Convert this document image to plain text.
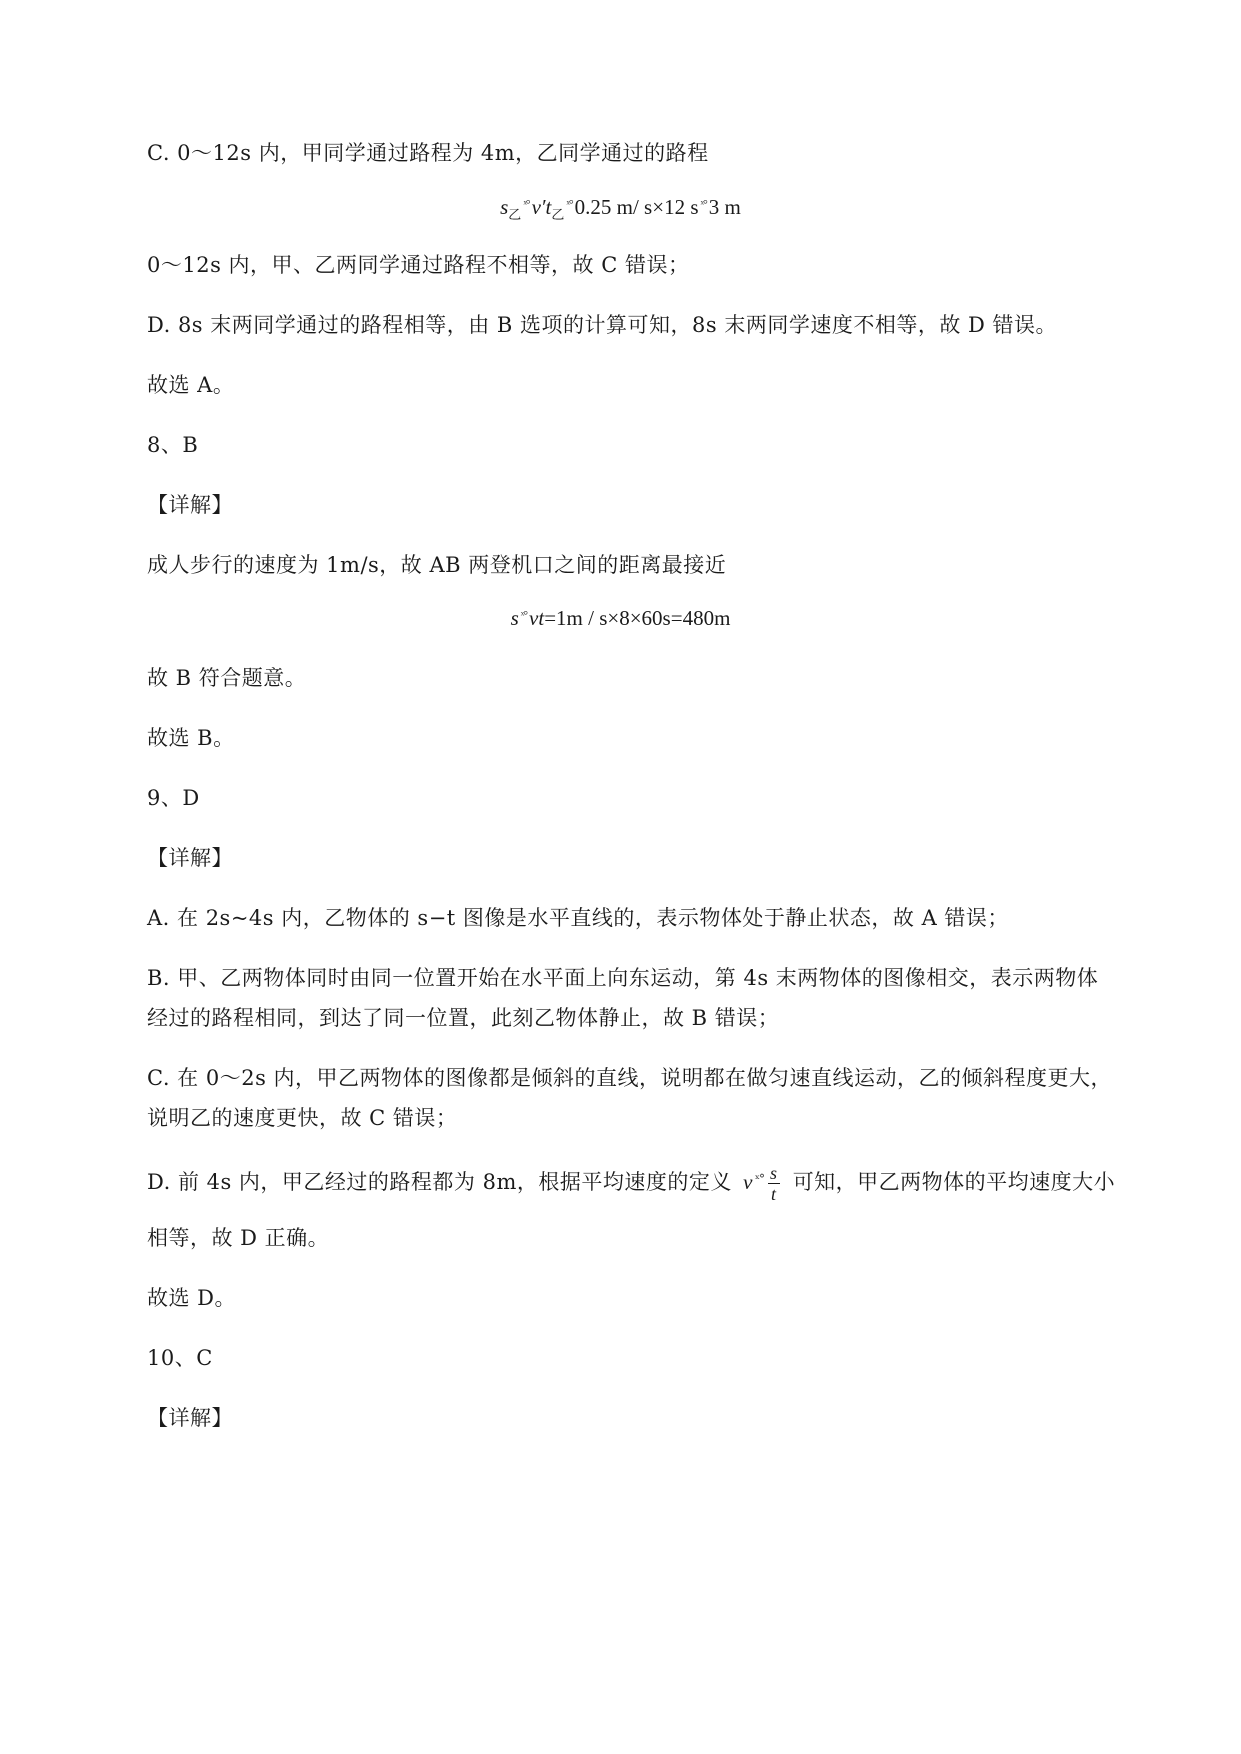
C. 0～12s 内，甲同学通过路程为 4m，乙同学通过的路程
$s_乙^{ˣ^\circ}v't_乙^{ˣ^\circ}0.25$ m/ s×12 s $^{ˣ^\circ}$3 m
0～12s 内，甲、乙两同学通过路程不相等，故 C 错误；
D. 8s 末两同学通过的路程相等，由 B 选项的计算可知，8s 末两同学速度不相等，故 D 错误。
故选 A。
8、B
【详解】
成人步行的速度为 1m/s，故 AB 两登机口之间的距离最接近
s $^{ˣ^\circ}$vt=1m / s×8×60s=480m
故 B 符合题意。
故选 B。
9、D
【详解】
A. 在 2s~4s 内，乙物体的 s−t 图像是水平直线的，表示物体处于静止状态，故 A 错误；
B. 甲、乙两物体同时由同一位置开始在水平面上向东运动，第 4s 末两物体的图像相交，表示两物体
经过的路程相同，到达了同一位置，此刻乙物体静止，故 B 错误；
C. 在 0～2s 内，甲乙两物体的图像都是倾斜的直线，说明都在做匀速直线运动，乙的倾斜程度更大，
说明乙的速度更快，故 C 错误；
D. 前 4s 内，甲乙经过的路程都为 8m，根据平均速度的定义 v $^{ˣ^\circ} \frac{s}{t}$ 可知，甲乙两物体的平均速度大小
相等，故 D 正确。
故选 D。
10、C
【详解】
